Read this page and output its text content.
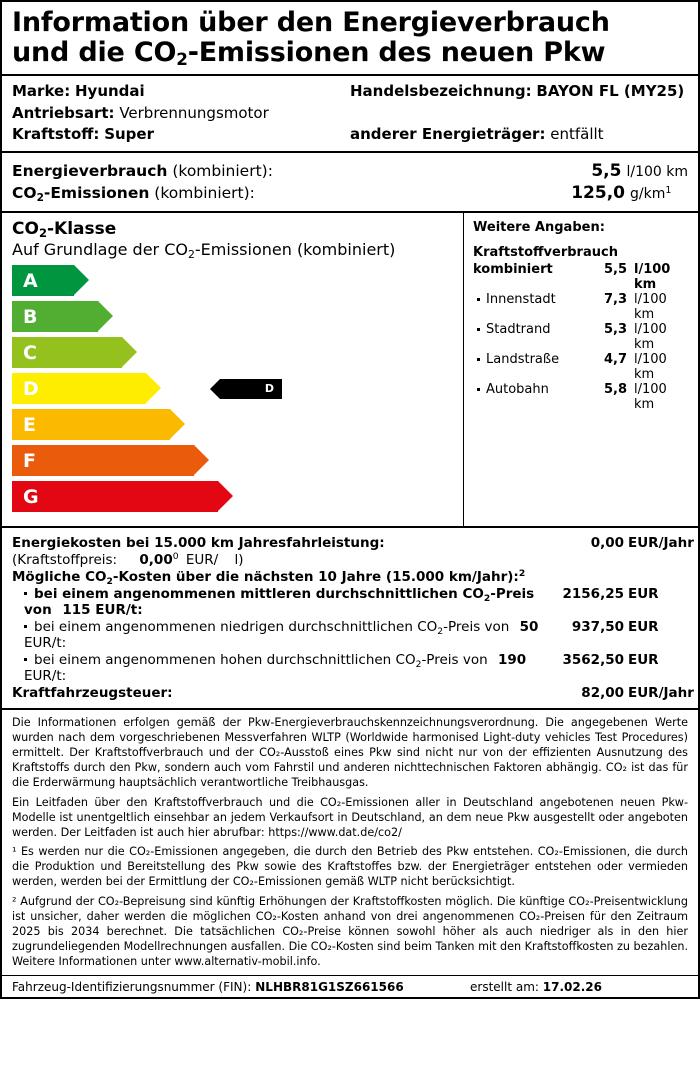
Information über den Energieverbrauch
und die $CO_2$-Emissionen des neuen Pkw
Marke: Hyundai	Handelsbezeichnung: BAYON FL (MY25)
Antriebsart: Verbrennungsmotor
Kraftstoff: Super	anderer Energieträger: entfällt
Energieverbrauch (kombiniert):	5,5 l/100 km
$CO_2$-Emissionen (kombiniert):	125,0 $g/km^1$
$CO_2$-Klasse
Auf Grundlage der $CO_2$-Emissionen (kombiniert)
A
B
C
D	D
E
F
G
Weitere Angaben:
Kraftstoffverbrauch
kombiniert	5,5 l/100 km
Innenstadt	7,3 l/100 km
Stadtrand	5,3 l/100 km
Landstraße	4,7 l/100 km
Autobahn	5,8 l/100 km
Energiekosten bei 15.000 km Jahresfahrleistung:	0,00 EUR/Jahr
(Kraftstoffpreis: 0,00$^0$ EUR/ l)
Mögliche $CO_2$-Kosten über die nächsten 10 Jahre (15.000 km/Jahr):$^2$
bei einem angenommenen mittleren durchschnittlichen $CO_2$-Preis von 115 EUR/t:
2156,25 EUR
bei einem angenommenen niedrigen durchschnittlichen $CO_2$-Preis von 50 EUR/t:
937,50 EUR
bei einem angenommenen hohen durchschnittlichen $CO_2$-Preis von 190 EUR/t:
3562,50 EUR
Kraftfahrzeugsteuer:	82,00 EUR/Jahr

Die Informationen erfolgen gemäß der Pkw-Energieverbrauchskennzeichnungsverordnung. Die angegebenen Werte wurden nach dem vorgeschriebenen Messverfahren WLTP (Worldwide harmonised Light-duty vehicles Test Procedures) ermittelt. Der Kraftstoffverbrauch und der CO₂-Ausstoß eines Pkw sind nicht nur von der effizienten Ausnutzung des Kraftstoffs durch den Pkw, sondern auch vom Fahrstil und anderen nichttechnischen Faktoren abhängig. CO₂ ist das für die Erderwärmung hauptsächlich verantwortliche Treibhausgas.

Ein Leitfaden über den Kraftstoffverbrauch und die CO₂-Emissionen aller in Deutschland angebotenen neuen Pkw-Modelle ist unentgeltlich einsehbar an jedem Verkaufsort in Deutschland, an dem neue Pkw ausgestellt oder angeboten werden. Der Leitfaden ist auch hier abrufbar: https://www.dat.de/co2/

¹ Es werden nur die CO₂-Emissionen angegeben, die durch den Betrieb des Pkw entstehen. CO₂-Emissionen, die durch die Produktion und Bereitstellung des Pkw sowie des Kraftstoffes bzw. der Energieträger entstehen oder vermieden werden, werden bei der Ermittlung der CO₂-Emissionen gemäß WLTP nicht berücksichtigt.

² Aufgrund der CO₂-Bepreisung sind künftig Erhöhungen der Kraftstoffkosten möglich. Die künftige CO₂-Preisentwicklung ist unsicher, daher werden die möglichen CO₂-Kosten anhand von drei angenommenen CO₂-Preisen für den Zeitraum 2025 bis 2034 berechnet. Die tatsächlichen CO₂-Preise können sowohl höher als auch niedriger als in den hier zugrundeliegenden Modellrechnungen ausfallen. Die CO₂-Kosten sind beim Tanken mit den Kraftstoffkosten zu bezahlen. Weitere Informationen unter www.alternativ-mobil.info.

Fahrzeug-Identifizierungsnummer (FIN): NLHBR81G1SZ661566	erstellt am: 17.02.26
